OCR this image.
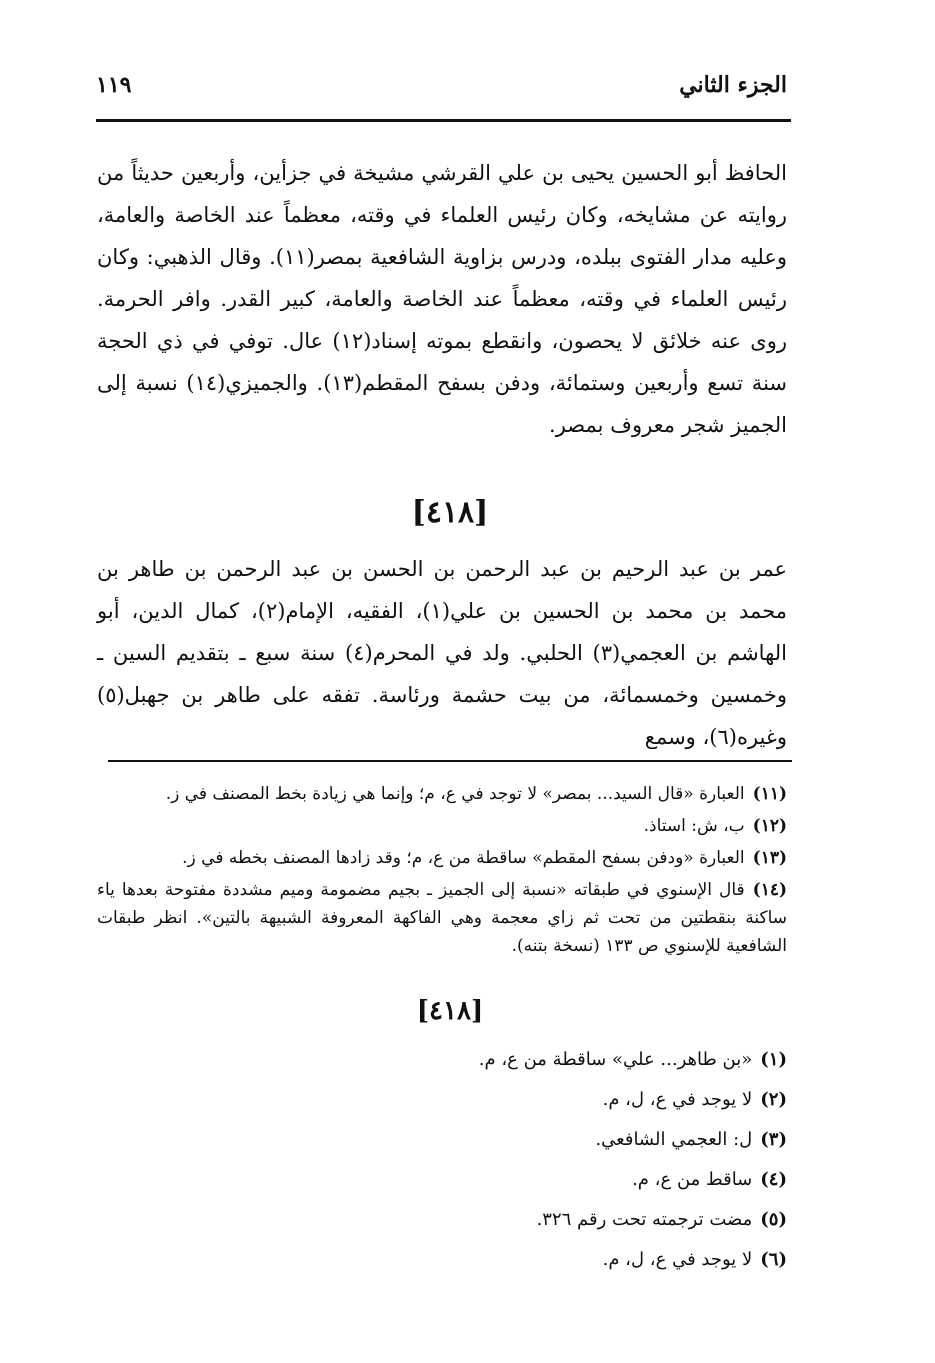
الجزء الثاني
١١٩

الحافظ أبو الحسين يحيى بن علي القرشي مشيخة في جزأين، وأربعين حديثاً من روايته عن مشايخه، وكان رئيس العلماء في وقته، معظماً عند الخاصة والعامة، وعليه مدار الفتوى ببلده، ودرس بزاوية الشافعية بمصر(١١). وقال الذهبي: وكان رئيس العلماء في وقته، معظماً عند الخاصة والعامة، كبير القدر. وافر الحرمة. روى عنه خلائق لا يحصون، وانقطع بموته إسناد(١٢) عال. توفي في ذي الحجة سنة تسع وأربعين وستمائة، ودفن بسفح المقطم(١٣). والجميزي(١٤) نسبة إلى الجميز شجر معروف بمصر.

[٤١٨]

عمر بن عبد الرحيم بن عبد الرحمن بن الحسن بن عبد الرحمن بن طاهر بن محمد بن محمد بن الحسين بن علي(١)، الفقيه، الإمام(٢)، كمال الدين، أبو الهاشم بن العجمي(٣) الحلبي. ولد في المحرم(٤) سنة سبع ـ بتقديم السين ـ وخمسين وخمسمائة، من بيت حشمة ورئاسة. تفقه على طاهر بن جهبل(٥) وغيره(٦)، وسمع

(١١)العبارة «قال السيد... بمصر» لا توجد في ع، م؛ وإنما هي زيادة بخط المصنف في ز.
(١٢)ب، ش: استاذ.
(١٣)العبارة «ودفن بسفح المقطم» ساقطة من ع، م؛ وقد زادها المصنف بخطه في ز.
(١٤)قال الإسنوي في طبقاته «نسبة إلى الجميز ـ بجيم مضمومة وميم مشددة مفتوحة بعدها ياء ساكنة بنقطتين من تحت ثم زاي معجمة وهي الفاكهة المعروفة الشبيهة بالتين». انظر طبقات الشافعية للإسنوي ص ١٣٣ (نسخة بتنه).
[٤١٨]
(١)«بن طاهر... علي» ساقطة من ع، م.
(٢)لا يوجد في ع، ل، م.
(٣)ل: العجمي الشافعي.
(٤)ساقط من ع، م.
(٥)مضت ترجمته تحت رقم ٣٢٦.
(٦)لا يوجد في ع، ل، م.
